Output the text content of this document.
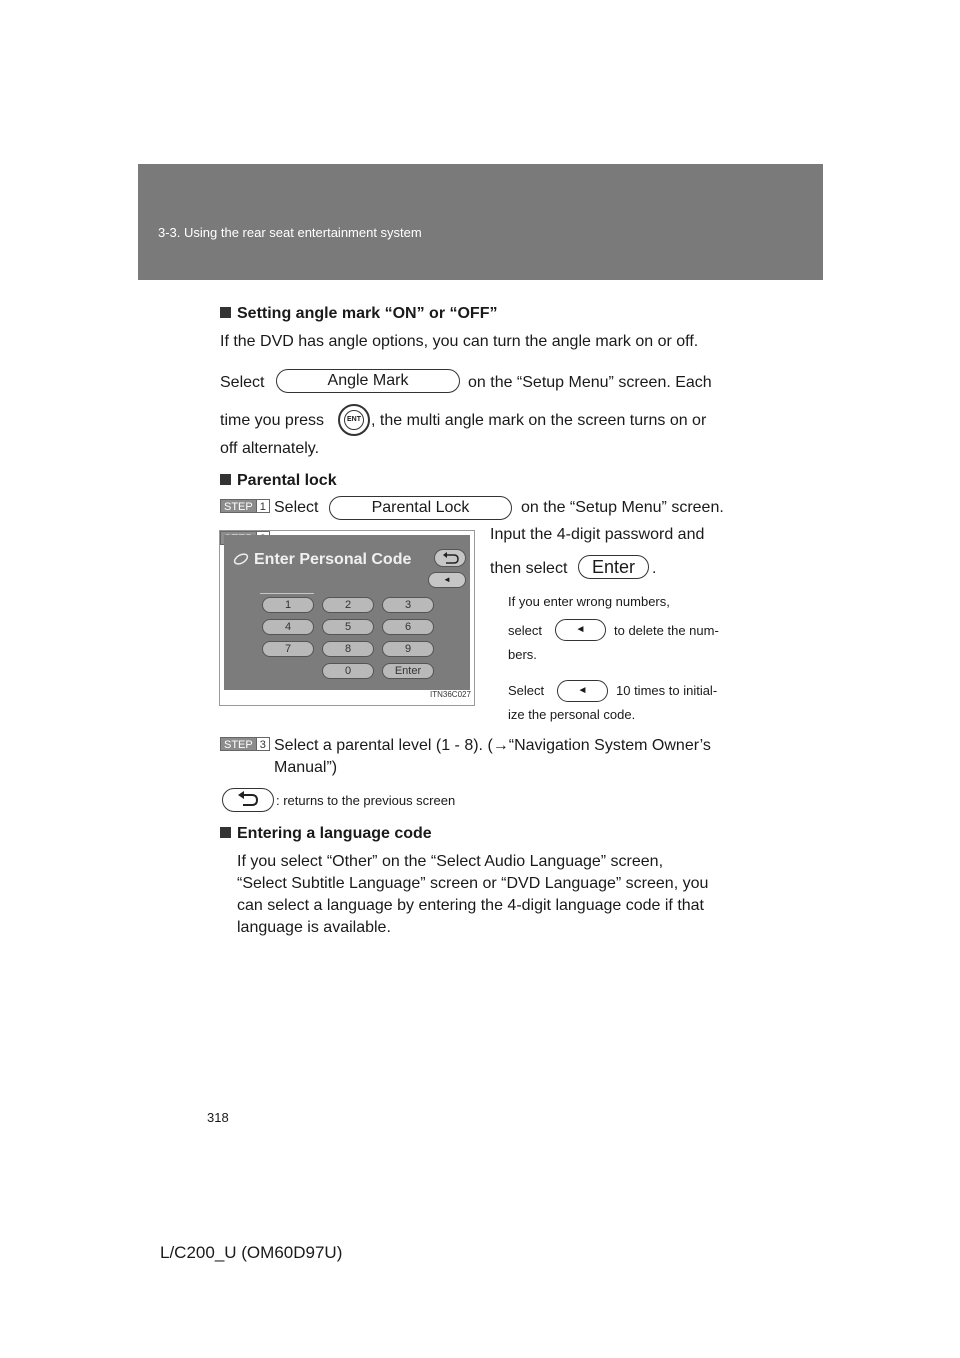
3-3. Using the rear seat entertainment system
Setting angle mark “ON” or “OFF”
If the DVD has angle options, you can turn the angle mark on or off.
Select	Angle Mark	on the “Setup Menu” screen. Each
time you press	ENT , the multi angle mark on the screen turns on or
off alternately.
Parental lock
STEP 1 Select	Parental Lock	on the “Setup Menu” screen.
Enter Personal Code
◄
1	2	3
4	5	6
7	8	9
0	Enter
ITN36C027
Input the 4-digit password and
then select	Enter	.
If you enter wrong numbers,
select	◄	to delete the num-
bers.
Select	◄	10 times to initial-
ize the personal code.
STEP 3 Select a parental level (1 - 8). (→“Navigation System Owner’s
Manual”)
: returns to the previous screen
Entering a language code
If you select “Other” on the “Select Audio Language” screen,
“Select Subtitle Language” screen or “DVD Language” screen, you
can select a language by entering the 4-digit language code if that
language is available.
318
L/C200_U (OM60D97U)
